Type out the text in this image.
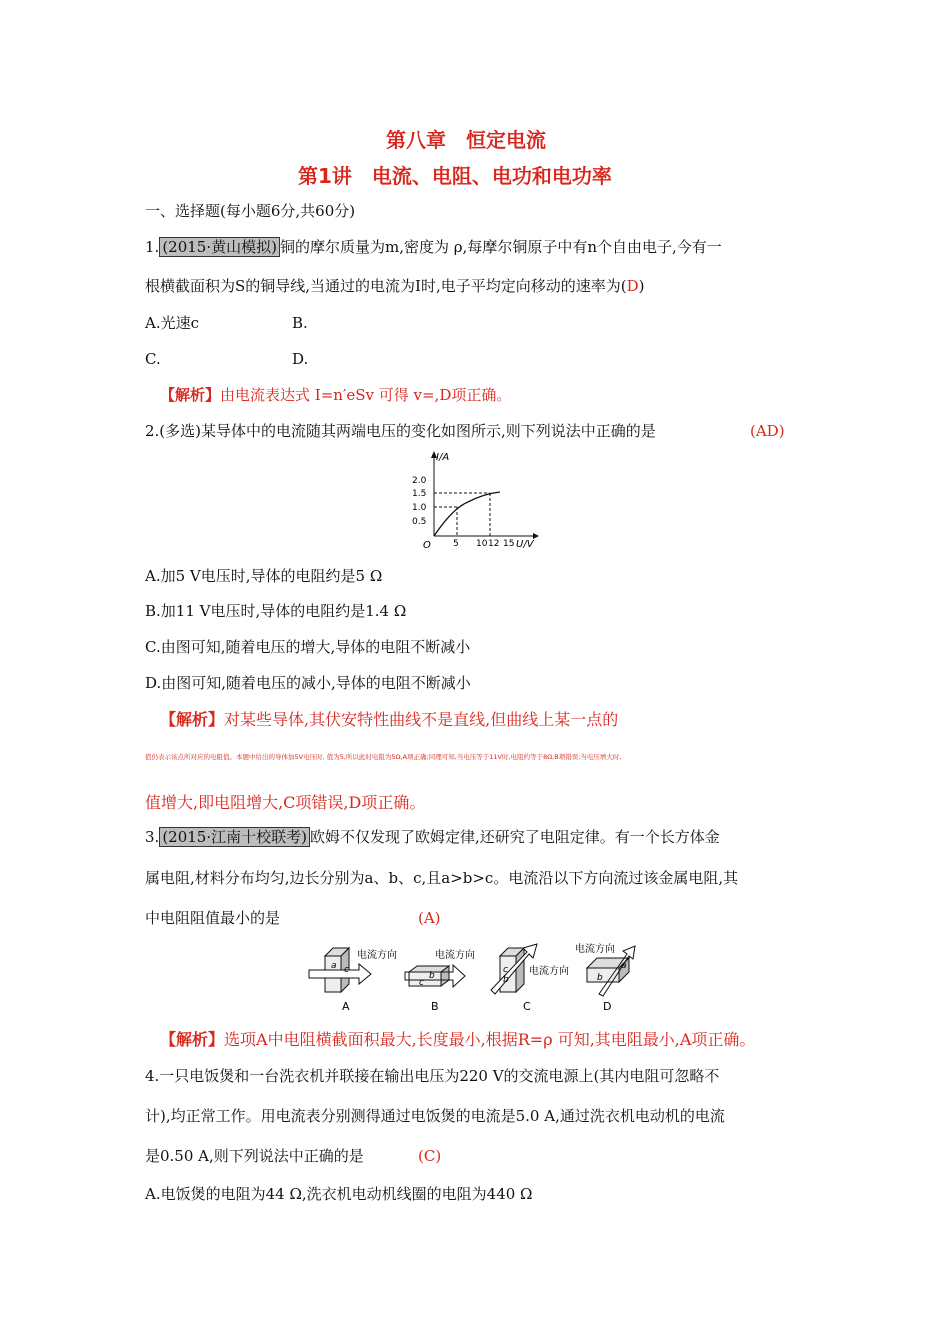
第八章　恒定电流
第1讲　电流、电阻、电功和电功率
一、选择题(每小题6分,共60分)
1. (2015·黄山模拟) 铜的摩尔质量为m,密度为 ρ,每摩尔铜原子中有n个自由电子,今有一
根横截面积为S的铜导线,当通过的电流为I时,电子平均定向移动的速率为(D)
A.光速c	B.
C.	D.
【解析】由电流表达式 I=n′eSv 可得 v=,D项正确。
2.(多选)某导体中的电流随其两端电压的变化如图所示,则下列说法中正确的是	(AD)
I/A
U/V
O
2.0
1.5
1.0
0.5
5 10 12 15
A.加5 V电压时,导体的电阻约是5 Ω
B.加11 V电压时,导体的电阻约是1.4 Ω
C.由图可知,随着电压的增大,导体的电阻不断减小
D.由图可知,随着电压的减小,导体的电阻不断减小
【解析】对某些导体,其伏安特性曲线不是直线,但曲线上某一点的
值仍表示该点所对应的电阻值。本题中给出的导体加5V电压时, 值为5,所以此时电阻为5Ω,A项正确;同理可知,当电压等于11V时,电阻约等于8Ω,B项错误;当电压增大时,
值增大,即电阻增大,C项错误,D项正确。
3. (2015·江南十校联考) 欧姆不仅发现了欧姆定律,还研究了电阻定律。有一个长方体金
属电阻,材料分布均匀,边长分别为a、b、c,且a>b>c。电流沿以下方向流过该金属电阻,其
中电阻阻值最小的是	(A)
a c
电流方向
A
b
c
电流方向
B
c
b
电流方向
C
b
a
电流方向
D
【解析】选项A中电阻横截面积最大,长度最小,根据R=ρ 可知,其电阻最小,A项正确。
4.一只电饭煲和一台洗衣机并联接在输出电压为220 V的交流电源上(其内电阻可忽略不
计),均正常工作。用电流表分别测得通过电饭煲的电流是5.0 A,通过洗衣机电动机的电流
是0.50 A,则下列说法中正确的是	(C)
A.电饭煲的电阻为44 Ω,洗衣机电动机线圈的电阻为440 Ω
